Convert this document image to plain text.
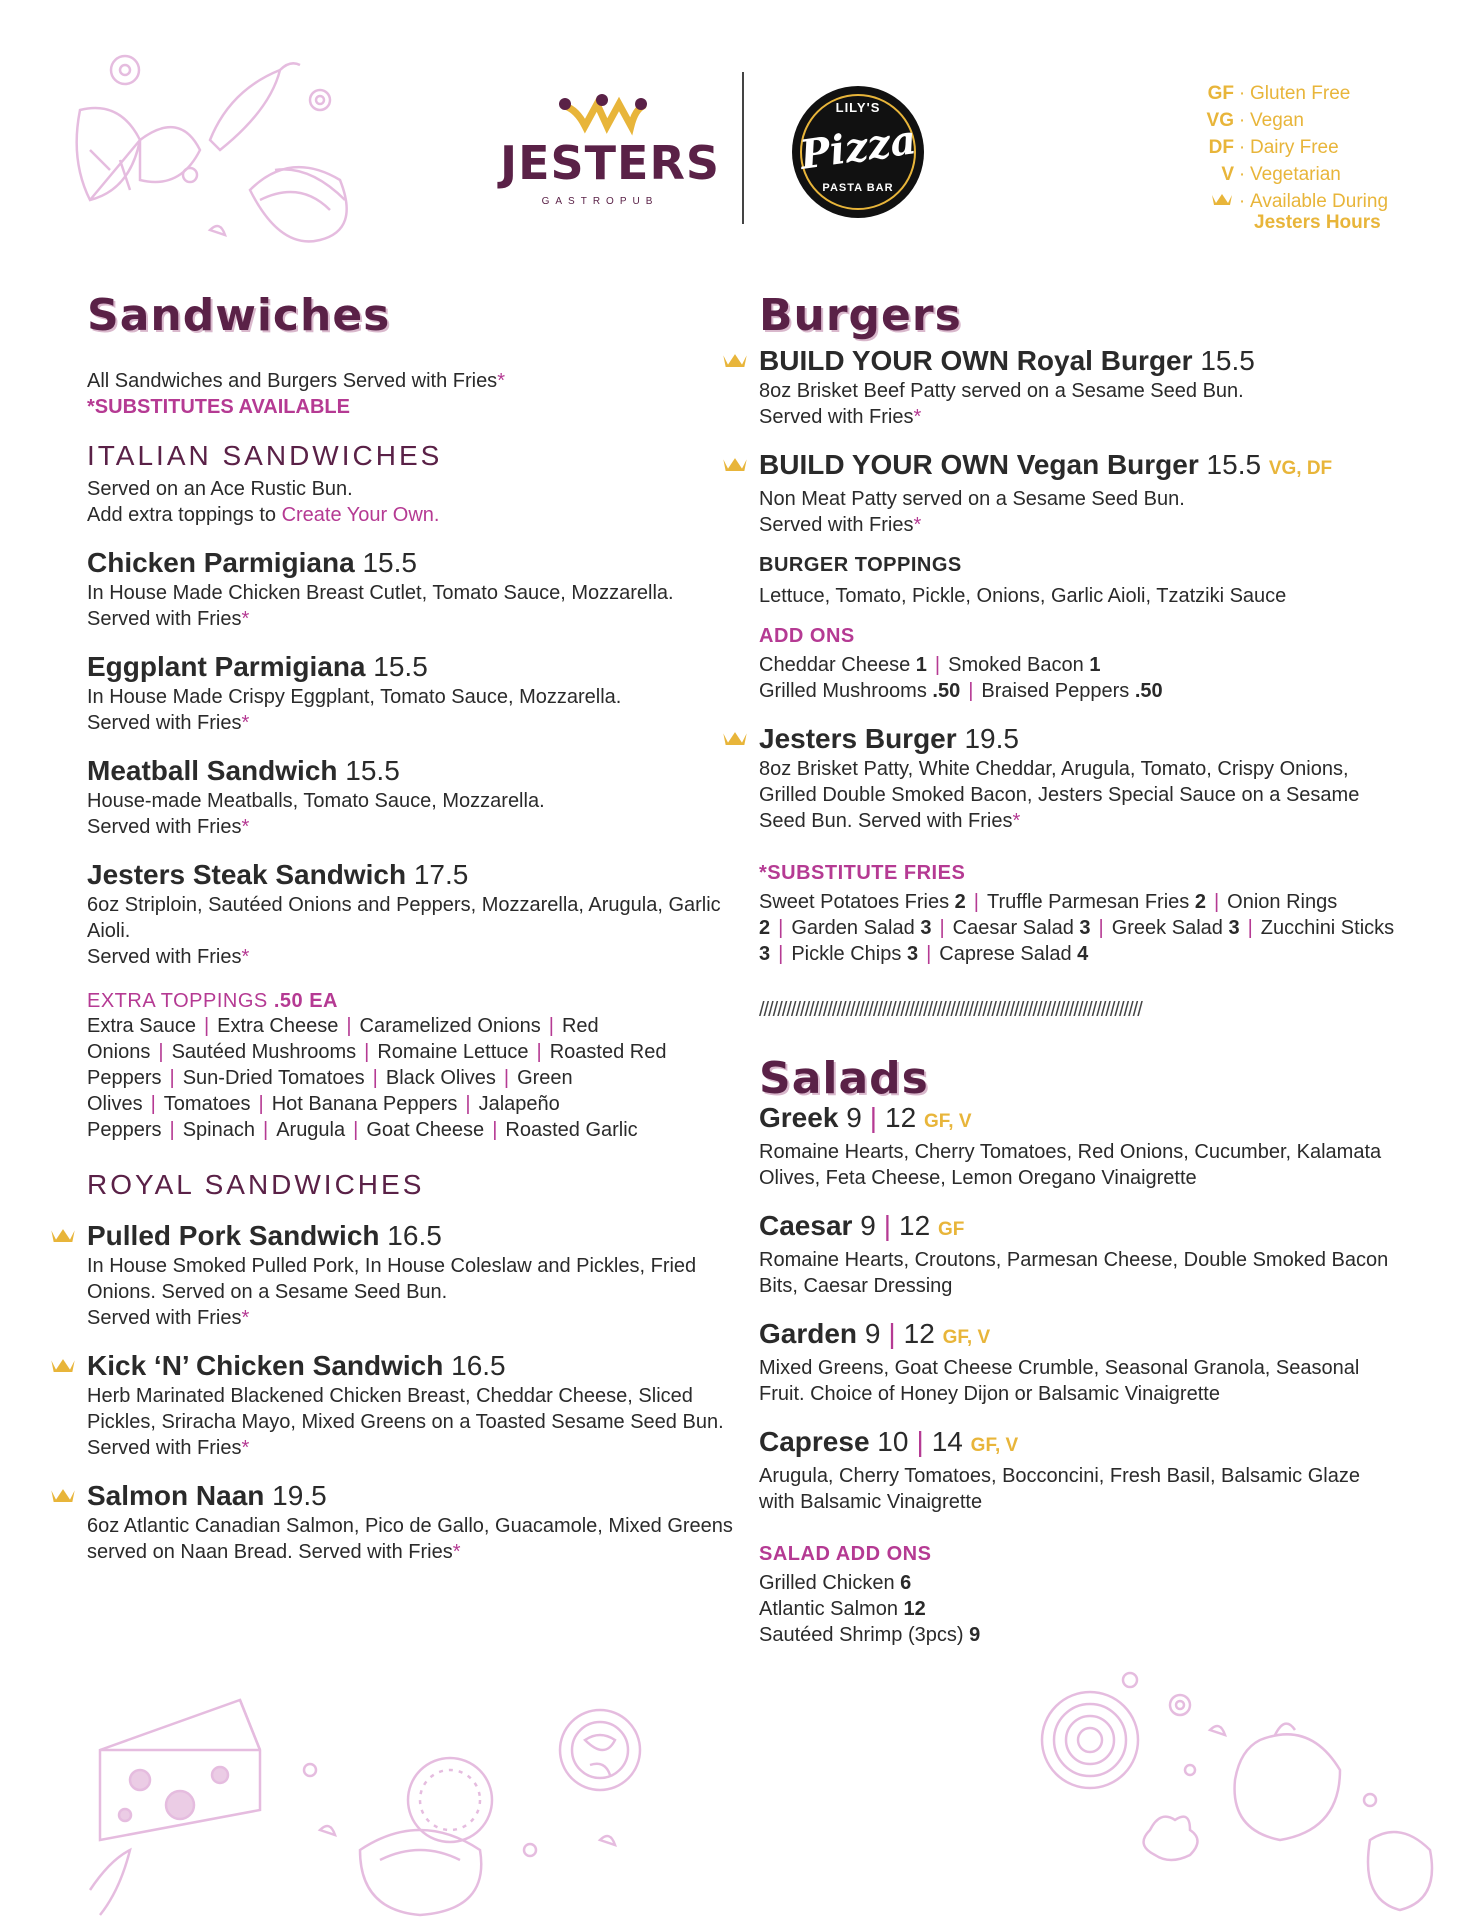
JESTERS
GASTROPUB
LILY'S
Pizza
PASTA BAR
GF · Gluten Free
VG · Vegan
DF · Dairy Free
V · Vegetarian
· Available During
Jesters Hours
Sandwiches
All Sandwiches and Burgers Served with Fries*
*SUBSTITUTES AVAILABLE
ITALIAN SANDWICHES
Served on an Ace Rustic Bun.
Add extra toppings to Create Your Own.
Chicken Parmigiana 15.5
In House Made Chicken Breast Cutlet, Tomato Sauce, Mozzarella.
Served with Fries*
Eggplant Parmigiana 15.5
In House Made Crispy Eggplant, Tomato Sauce, Mozzarella.
Served with Fries*
Meatball Sandwich 15.5
House-made Meatballs, Tomato Sauce, Mozzarella.
Served with Fries*
Jesters Steak Sandwich 17.5
6oz Striploin, Sautéed Onions and Peppers, Mozzarella, Arugula, Garlic Aioli.
Served with Fries*
EXTRA TOPPINGS .50 EA
Extra Sauce | Extra Cheese | Caramelized Onions | Red Onions | Sautéed Mushrooms | Romaine Lettuce | Roasted Red Peppers | Sun-Dried Tomatoes | Black Olives | Green Olives | Tomatoes | Hot Banana Peppers | Jalapeño Peppers | Spinach | Arugula | Goat Cheese | Roasted Garlic
ROYAL SANDWICHES
Pulled Pork Sandwich 16.5
In House Smoked Pulled Pork, In House Coleslaw and Pickles, Fried Onions. Served on a Sesame Seed Bun.
Served with Fries*
Kick ‘N’ Chicken Sandwich 16.5
Herb Marinated Blackened Chicken Breast, Cheddar Cheese, Sliced Pickles, Sriracha Mayo, Mixed Greens on a Toasted Sesame Seed Bun. Served with Fries*
Salmon Naan 19.5
6oz Atlantic Canadian Salmon, Pico de Gallo, Guacamole, Mixed Greens served on Naan Bread. Served with Fries*
Burgers
BUILD YOUR OWN Royal Burger 15.5
8oz Brisket Beef Patty served on a Sesame Seed Bun.
Served with Fries*
BUILD YOUR OWN Vegan Burger 15.5 VG, DF
Non Meat Patty served on a Sesame Seed Bun.
Served with Fries*
BURGER TOPPINGS
Lettuce, Tomato, Pickle, Onions, Garlic Aioli, Tzatziki Sauce
ADD ONS
Cheddar Cheese 1 | Smoked Bacon 1
Grilled Mushrooms .50 | Braised Peppers .50
Jesters Burger 19.5
8oz Brisket Patty, White Cheddar, Arugula, Tomato, Crispy Onions, Grilled Double Smoked Bacon, Jesters Special Sauce on a Sesame Seed Bun. Served with Fries*
*SUBSTITUTE FRIES
Sweet Potatoes Fries 2 | Truffle Parmesan Fries 2 | Onion Rings 2 | Garden Salad 3 | Caesar Salad 3 | Greek Salad 3 | Zucchini Sticks 3 | Pickle Chips 3 | Caprese Salad 4
////////////////////////////////////////////////////////////////////////////////////
Salads
Greek 9 | 12 GF, V
Romaine Hearts, Cherry Tomatoes, Red Onions, Cucumber, Kalamata Olives, Feta Cheese, Lemon Oregano Vinaigrette
Caesar 9 | 12 GF
Romaine Hearts, Croutons, Parmesan Cheese, Double Smoked Bacon Bits, Caesar Dressing
Garden 9 | 12 GF, V
Mixed Greens, Goat Cheese Crumble, Seasonal Granola, Seasonal Fruit. Choice of Honey Dijon or Balsamic Vinaigrette
Caprese 10 | 14 GF, V
Arugula, Cherry Tomatoes, Bocconcini, Fresh Basil, Balsamic Glaze with Balsamic Vinaigrette
SALAD ADD ONS
Grilled Chicken 6
Atlantic Salmon 12
Sautéed Shrimp (3pcs) 9
